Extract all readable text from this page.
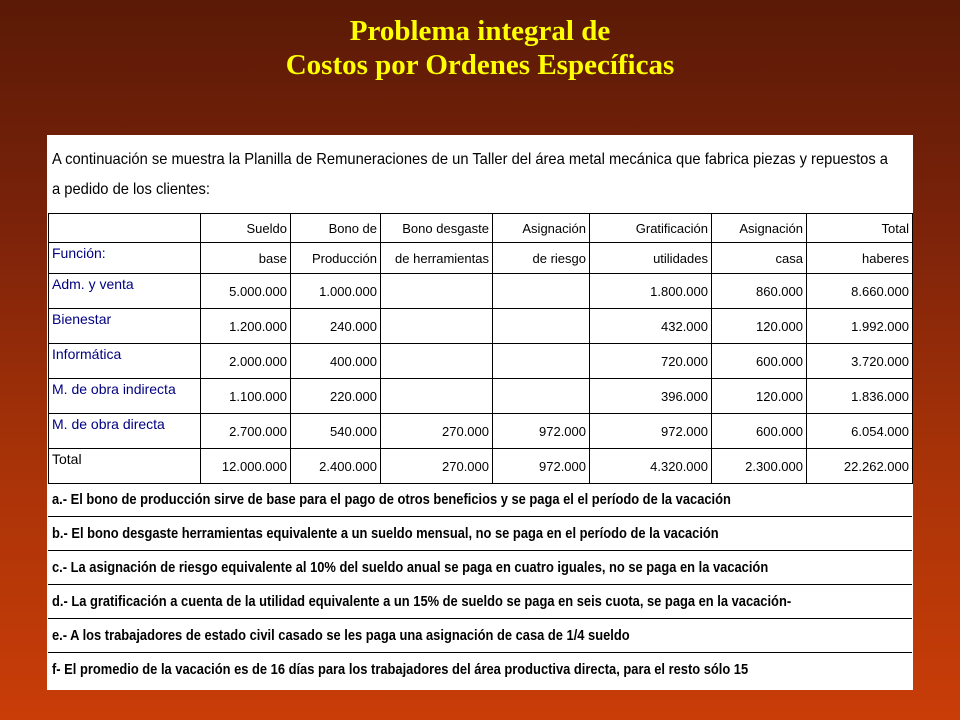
Problema integral de
Costos por Ordenes Específicas
A continuación se muestra la Planilla de Remuneraciones de un Taller del área metal mecánica que fabrica piezas y repuestos a
a pedido de los clientes:
	Sueldo	Bono de	Bono desgaste	Asignación	Gratificación	Asignación	Total
Función:	base	Producción	de herramientas	de riesgo	utilidades	casa	haberes
Adm. y venta	5.000.000	1.000.000			1.800.000	860.000	8.660.000
Bienestar	1.200.000	240.000			432.000	120.000	1.992.000
Informática	2.000.000	400.000			720.000	600.000	3.720.000
M. de obra indirecta	1.100.000	220.000			396.000	120.000	1.836.000
M. de obra directa	2.700.000	540.000	270.000	972.000	972.000	600.000	6.054.000
Total	12.000.000	2.400.000	270.000	972.000	4.320.000	2.300.000	22.262.000
a.- El bono de producción sirve de base para el pago de otros beneficios y se paga el el período de la vacación
b.- El bono desgaste herramientas equivalente a un sueldo mensual, no se paga en el período de la vacación
c.- La asignación de riesgo equivalente al 10% del sueldo anual se paga en cuatro iguales, no se paga en la vacación
d.- La gratificación a cuenta de la utilidad equivalente a un 15% de sueldo se paga en seis cuota, se paga en la vacación-
e.- A los trabajadores de estado civil casado se les paga una asignación de casa de 1/4 sueldo
f- El promedio de la vacación es de 16 días para los trabajadores del área productiva directa, para el resto sólo 15
